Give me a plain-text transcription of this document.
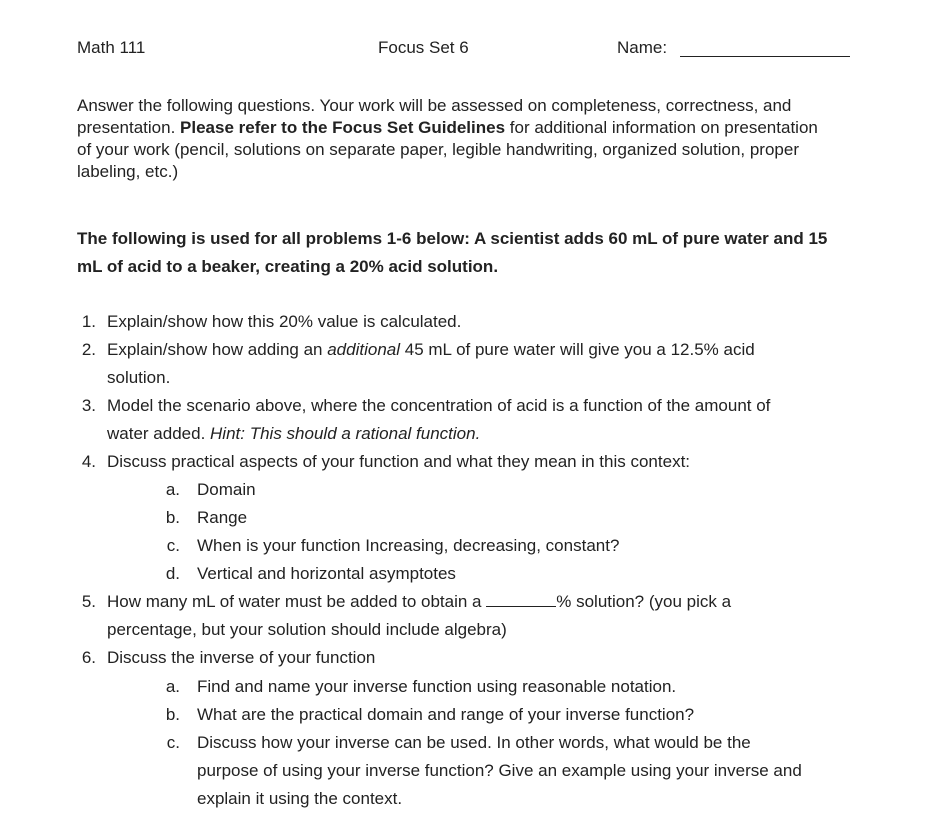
Math 111	Focus Set 6	Name:
Answer the following questions. Your work will be assessed on completeness, correctness, and
presentation. Please refer to the Focus Set Guidelines for additional information on presentation
of your work (pencil, solutions on separate paper, legible handwriting, organized solution, proper
labeling, etc.)
The following is used for all problems 1-6 below: A scientist adds 60 mL of pure water and 15
mL of acid to a beaker, creating a 20% acid solution.
1. Explain/show how this 20% value is calculated.
2. Explain/show how adding an additional 45 mL of pure water will give you a 12.5% acid
solution.
3. Model the scenario above, where the concentration of acid is a function of the amount of
water added. Hint: This should a rational function.
4. Discuss practical aspects of your function and what they mean in this context:
a. Domain
b. Range
c. When is your function Increasing, decreasing, constant?
d. Vertical and horizontal asymptotes
5. How many mL of water must be added to obtain a	% solution? (you pick a
percentage, but your solution should include algebra)
6. Discuss the inverse of your function
a. Find and name your inverse function using reasonable notation.
b. What are the practical domain and range of your inverse function?
c. Discuss how your inverse can be used. In other words, what would be the
purpose of using your inverse function? Give an example using your inverse and
explain it using the context.
